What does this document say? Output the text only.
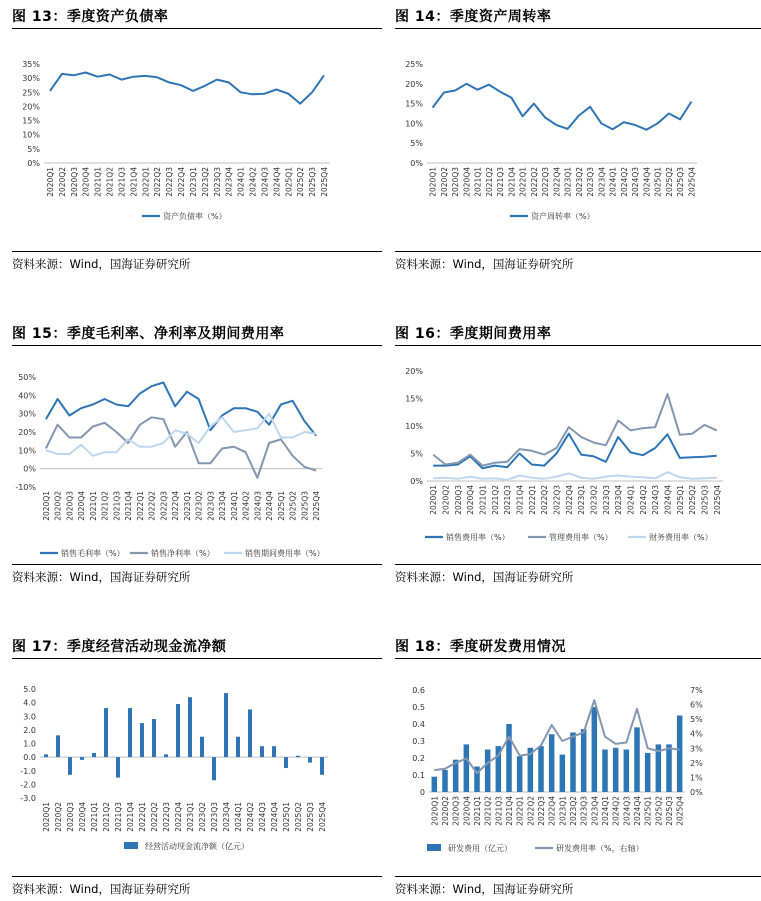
图 13：季度资产负债率
0%
5%
10%
15%
20%
25%
30%
35%
2020Q1 2020Q2 2020Q3 2020Q4 2021Q1 2021Q2 2021Q3 2021Q4 2022Q1 2022Q2 2022Q3 2022Q4 2023Q1 2023Q2 2023Q3 2023Q4 2024Q1 2024Q2 2024Q3 2024Q4 2025Q1 2025Q2 2025Q3 2025Q4
资产负债率（%）
资料来源：Wind，国海证券研究所
图 14：季度资产周转率
0%
5%
10%
15%
20%
25%
2020Q1 2020Q2 2020Q3 2020Q4 2021Q1 2021Q2 2021Q3 2021Q4 2022Q1 2022Q2 2022Q3 2022Q4 2023Q1 2023Q2 2023Q3 2023Q4 2024Q1 2024Q2 2024Q3 2024Q4 2025Q1 2025Q2 2025Q3 2025Q4
资产周转率（%）
资料来源：Wind，国海证券研究所
图 15：季度毛利率、净利率及期间费用率
-10%
0%
10%
20%
30%
40%
50%
2020Q1 2020Q2 2020Q3 2020Q4 2021Q1 2021Q2 2021Q3 2021Q4 2022Q1 2022Q2 2022Q3 2022Q4 2023Q1 2023Q2 2023Q3 2023Q4 2024Q1 2024Q2 2024Q3 2024Q4 2025Q1 2025Q2 2025Q3 2025Q4
销售毛利率（%）	销售净利率（%）	销售期间费用率（%）
资料来源：Wind，国海证券研究所
图 16：季度期间费用率
0%
5%
10%
15%
20%
2020Q1 2020Q2 2020Q3 2020Q4 2021Q1 2021Q2 2021Q3 2021Q4 2022Q1 2022Q2 2022Q3 2022Q4 2023Q1 2023Q2 2023Q3 2023Q4 2024Q1 2024Q2 2024Q3 2024Q4 2025Q1 2025Q2 2025Q3 2025Q4
销售费用率（%）	管理费用率（%）	财务费用率（%）
资料来源：Wind，国海证券研究所
图 17：季度经营活动现金流净额
-3.0
-2.0
-1.0
0.0
1.0
2.0
3.0
4.0
5.0
2020Q1 2020Q2 2020Q3 2020Q4 2021Q1 2021Q2 2021Q3 2021Q4 2022Q1 2022Q2 2022Q3 2022Q4 2023Q1 2023Q2 2023Q3 2023Q4 2024Q1 2024Q2 2024Q3 2024Q4 2025Q1 2025Q2 2025Q3 2025Q4
经营活动现金流净额（亿元）
资料来源：Wind，国海证券研究所
图 18：季度研发费用情况
0
0.1
0.2
0.3
0.4
0.5
0.6
0%
1%
2%
3%
4%
5%
6%
7%
2020Q1 2020Q2 2020Q3 2020Q4 2021Q1 2021Q2 2021Q3 2021Q4 2022Q1 2022Q2 2022Q3 2022Q4 2023Q1 2023Q2 2023Q3 2023Q4 2024Q1 2024Q2 2024Q3 2024Q4 2025Q1 2025Q2 2025Q3 2025Q4
研发费用（亿元）	研发费用率（%，右轴）
资料来源：Wind，国海证券研究所
